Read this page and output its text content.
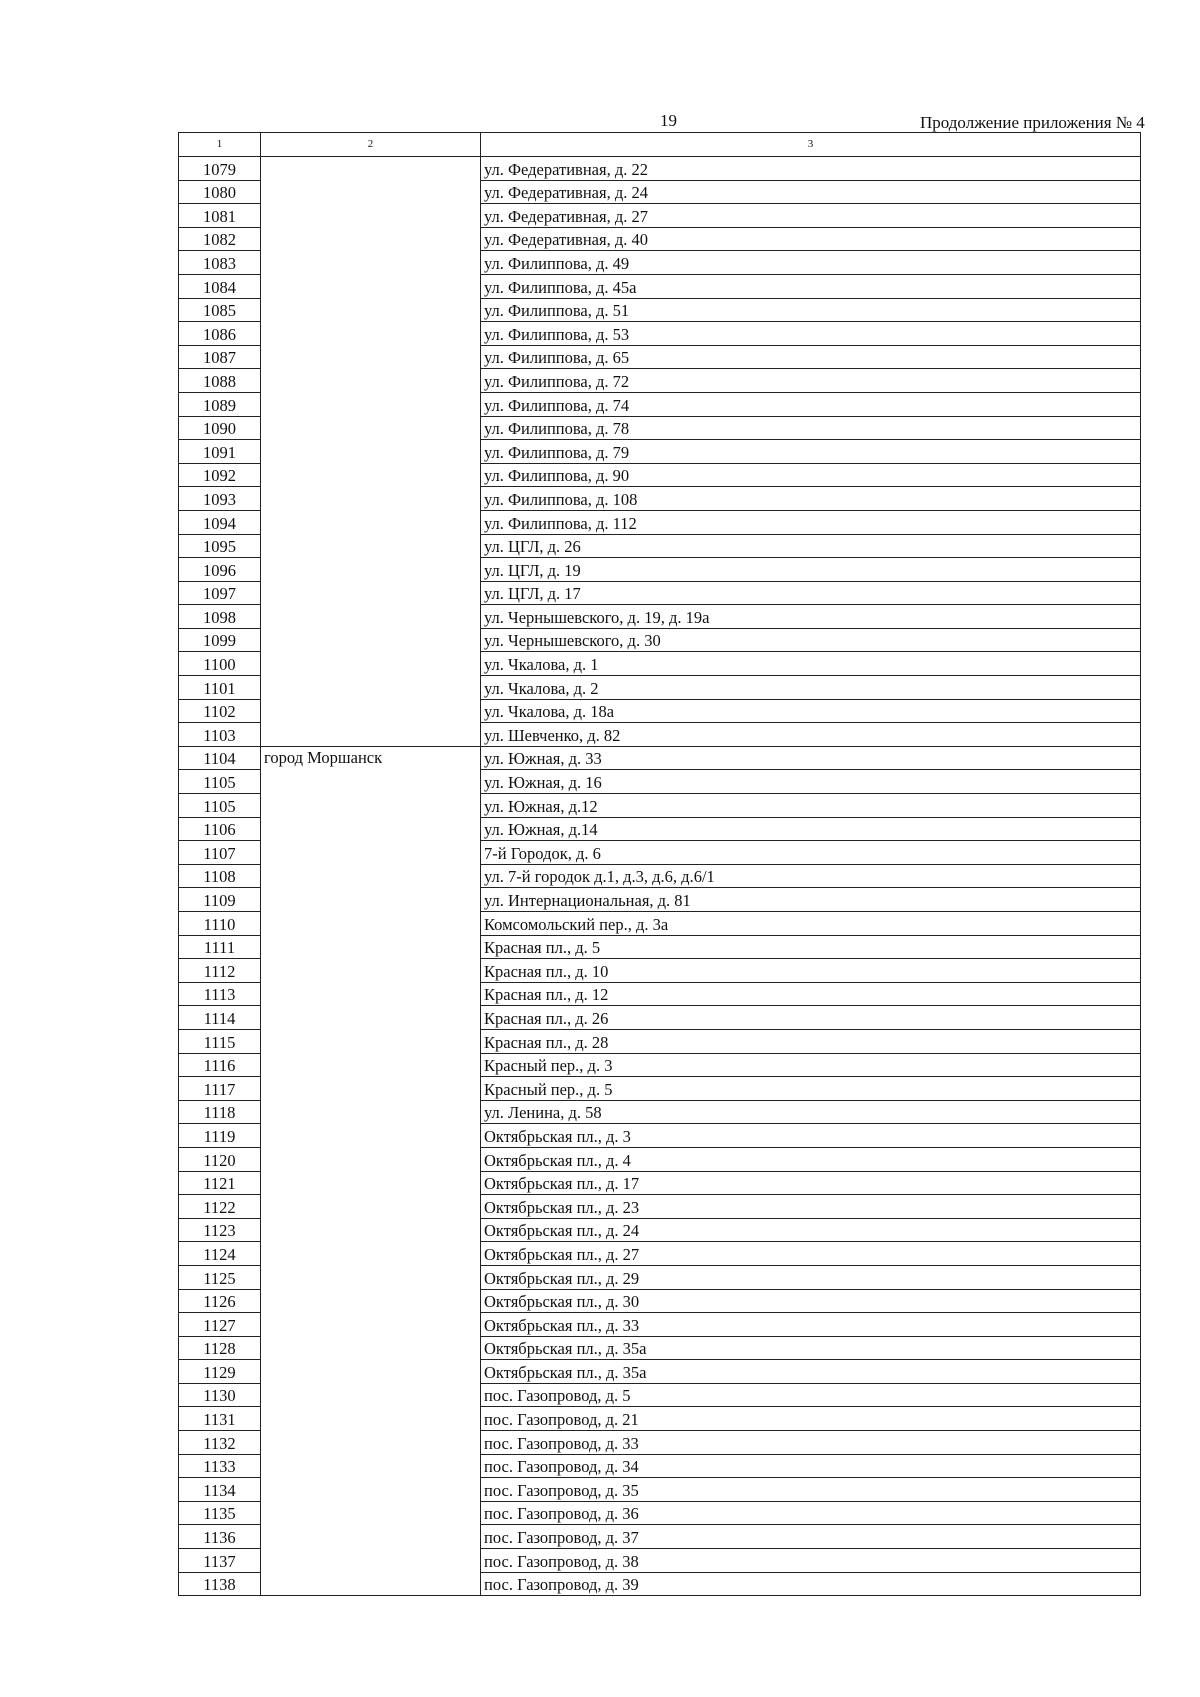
19	Продолжение приложения № 4
1	2	3
1079		ул. Федеративная, д. 22
1080		ул. Федеративная, д. 24
1081		ул. Федеративная, д. 27
1082		ул. Федеративная, д. 40
1083		ул. Филиппова, д. 49
1084		ул. Филиппова, д. 45а
1085		ул. Филиппова, д. 51
1086		ул. Филиппова, д. 53
1087		ул. Филиппова, д. 65
1088		ул. Филиппова, д. 72
1089		ул. Филиппова, д. 74
1090		ул. Филиппова, д. 78
1091		ул. Филиппова, д. 79
1092		ул. Филиппова, д. 90
1093		ул. Филиппова, д. 108
1094		ул. Филиппова, д. 112
1095		ул. ЦГЛ, д. 26
1096		ул. ЦГЛ, д. 19
1097		ул. ЦГЛ, д. 17
1098		ул. Чернышевского, д. 19, д. 19а
1099		ул. Чернышевского, д. 30
1100		ул. Чкалова, д. 1
1101		ул. Чкалова, д. 2
1102		ул. Чкалова, д. 18а
1103		ул. Шевченко, д. 82
1104	город Моршанск	ул. Южная, д. 33
1105		ул. Южная, д. 16
1105		ул. Южная, д.12
1106		ул. Южная, д.14
1107		7-й Городок, д. 6
1108		ул. 7-й городок д.1, д.3, д.6, д.6/1
1109		ул. Интернациональная, д. 81
1110		Комсомольский пер., д. 3а
1111		Красная пл., д. 5
1112		Красная пл., д. 10
1113		Красная пл., д. 12
1114		Красная пл., д. 26
1115		Красная пл., д. 28
1116		Красный пер., д. 3
1117		Красный пер., д. 5
1118		ул. Ленина, д. 58
1119		Октябрьская пл., д. 3
1120		Октябрьская пл., д. 4
1121		Октябрьская пл., д. 17
1122		Октябрьская пл., д. 23
1123		Октябрьская пл., д. 24
1124		Октябрьская пл., д. 27
1125		Октябрьская пл., д. 29
1126		Октябрьская пл., д. 30
1127		Октябрьская пл., д. 33
1128		Октябрьская пл., д. 35а
1129		Октябрьская пл., д. 35а
1130		пос. Газопровод, д. 5
1131		пос. Газопровод, д. 21
1132		пос. Газопровод, д. 33
1133		пос. Газопровод, д. 34
1134		пос. Газопровод, д. 35
1135		пос. Газопровод, д. 36
1136		пос. Газопровод, д. 37
1137		пос. Газопровод, д. 38
1138		пос. Газопровод, д. 39
